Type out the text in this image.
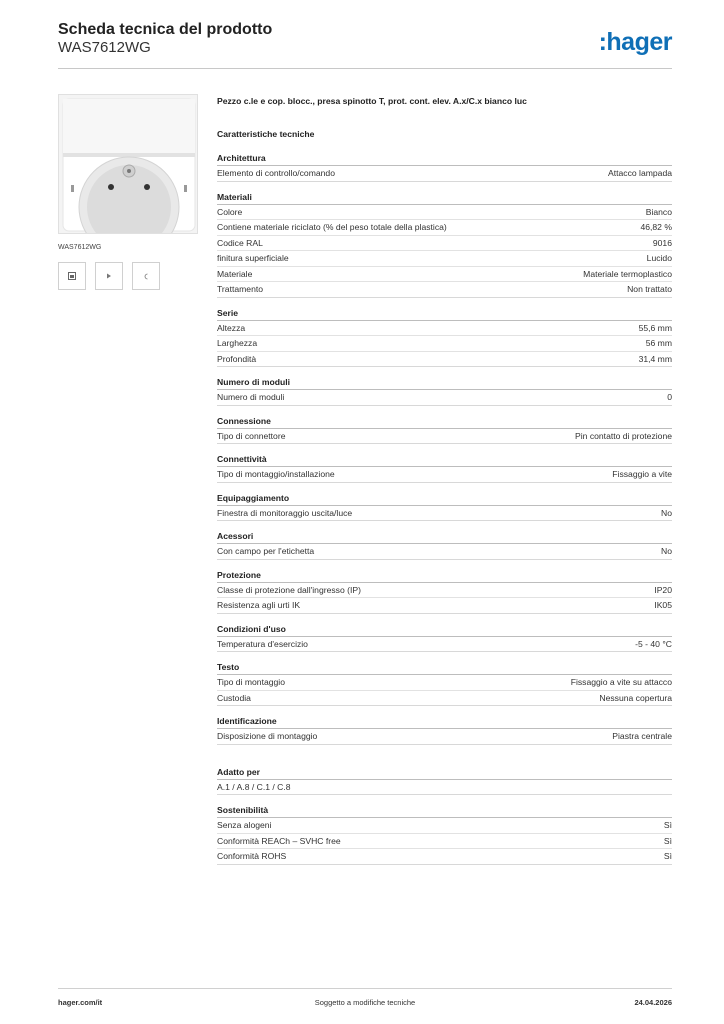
Scheda tecnica del prodotto
WAS7612WG	:hager
WAS7612WG
Pezzo c.le e cop. blocc., presa spinotto T, prot. cont. elev. A.x/C.x bianco luc
Caratteristiche tecniche
Architettura
Elemento di controllo/comando	Attacco lampada
Materiali
Colore	Bianco
Contiene materiale riciclato (% del peso totale della plastica)	46,82 %
Codice RAL	9016
finitura superficiale	Lucido
Materiale	Materiale termoplastico
Trattamento	Non trattato
Serie
Altezza	55,6 mm
Larghezza	56 mm
Profondità	31,4 mm
Numero di moduli
Numero di moduli	0
Connessione
Tipo di connettore	Pin contatto di protezione
Connettività
Tipo di montaggio/installazione	Fissaggio a vite
Equipaggiamento
Finestra di monitoraggio uscita/luce	No
Acessori
Con campo per l'etichetta	No
Protezione
Classe di protezione dall'ingresso (IP)	IP20
Resistenza agli urti IK	IK05
Condizioni d'uso
Temperatura d'esercizio	-5 - 40 °C
Testo
Tipo di montaggio	Fissaggio a vite su attacco
Custodia	Nessuna copertura
Identificazione
Disposizione di montaggio	Piastra centrale
Adatto per
A.1 / A.8 / C.1 / C.8
Sostenibilità
Senza alogeni	Sì
Conformità REACh – SVHC free	Sì
Conformità ROHS	Sì
hager.com/it	Soggetto a modifiche tecniche	24.04.2026
